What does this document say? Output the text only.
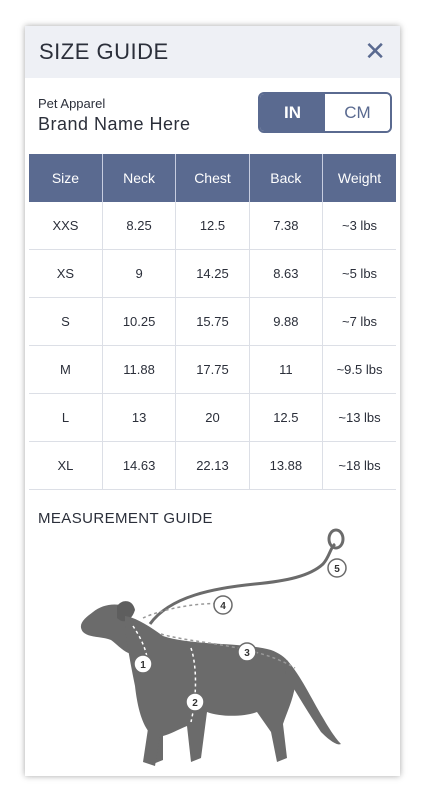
SIZE GUIDE	✕
Pet Apparel
Brand Name Here
IN	CM
Size	Neck	Chest	Back	Weight
XXS	8.25	12.5	7.38	~3 lbs
XS	9	14.25	8.63	~5 lbs
S	10.25	15.75	9.88	~7 lbs
M	11.88	17.75	11	~9.5 lbs
L	13	20	12.5	~13 lbs
XL	14.63	22.13	13.88	~18 lbs
MEASUREMENT GUIDE
1
2
3
4
5
